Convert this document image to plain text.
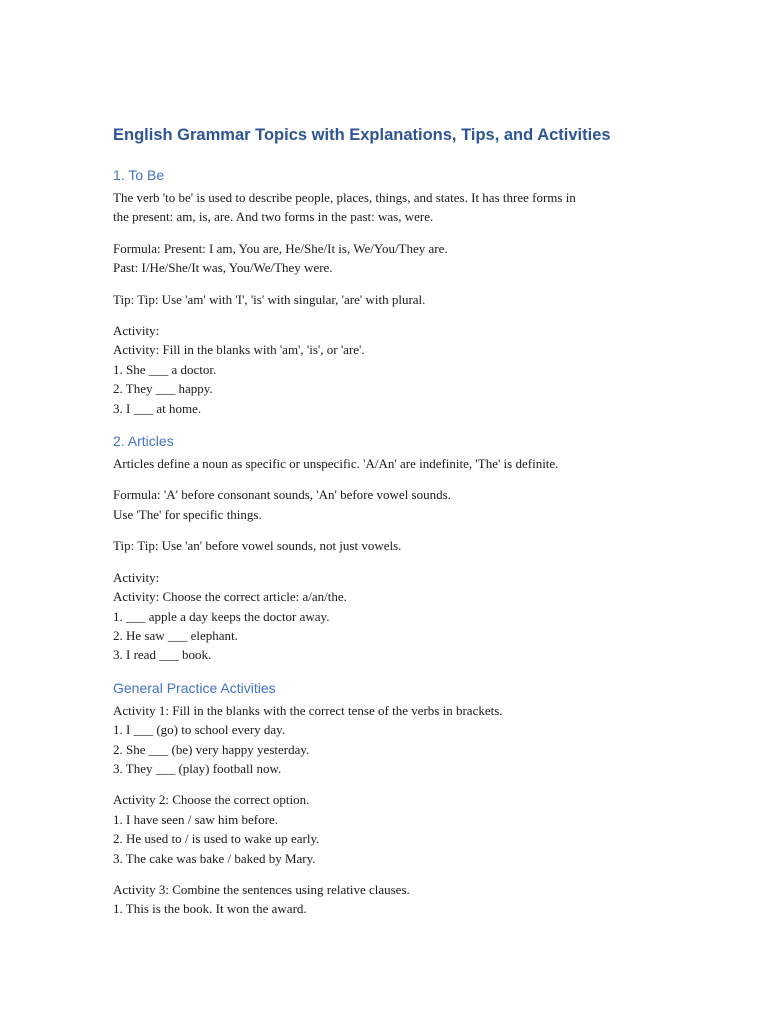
English Grammar Topics with Explanations, Tips, and Activities
1. To Be
The verb 'to be' is used to describe people, places, things, and states. It has three forms in
the present: am, is, are. And two forms in the past: was, were.
Formula: Present: I am, You are, He/She/It is, We/You/They are.
Past: I/He/She/It was, You/We/They were.
Tip: Tip: Use 'am' with 'I', 'is' with singular, 'are' with plural.
Activity:
Activity: Fill in the blanks with 'am', 'is', or 'are'.
1. She ___ a doctor.
2. They ___ happy.
3. I ___ at home.
2. Articles
Articles define a noun as specific or unspecific. 'A/An' are indefinite, 'The' is definite.
Formula: 'A' before consonant sounds, 'An' before vowel sounds.
Use 'The' for specific things.
Tip: Tip: Use 'an' before vowel sounds, not just vowels.
Activity:
Activity: Choose the correct article: a/an/the.
1. ___ apple a day keeps the doctor away.
2. He saw ___ elephant.
3. I read ___ book.
General Practice Activities
Activity 1: Fill in the blanks with the correct tense of the verbs in brackets.
1. I ___ (go) to school every day.
2. She ___ (be) very happy yesterday.
3. They ___ (play) football now.
Activity 2: Choose the correct option.
1. I have seen / saw him before.
2. He used to / is used to wake up early.
3. The cake was bake / baked by Mary.
Activity 3: Combine the sentences using relative clauses.
1. This is the book. It won the award.
